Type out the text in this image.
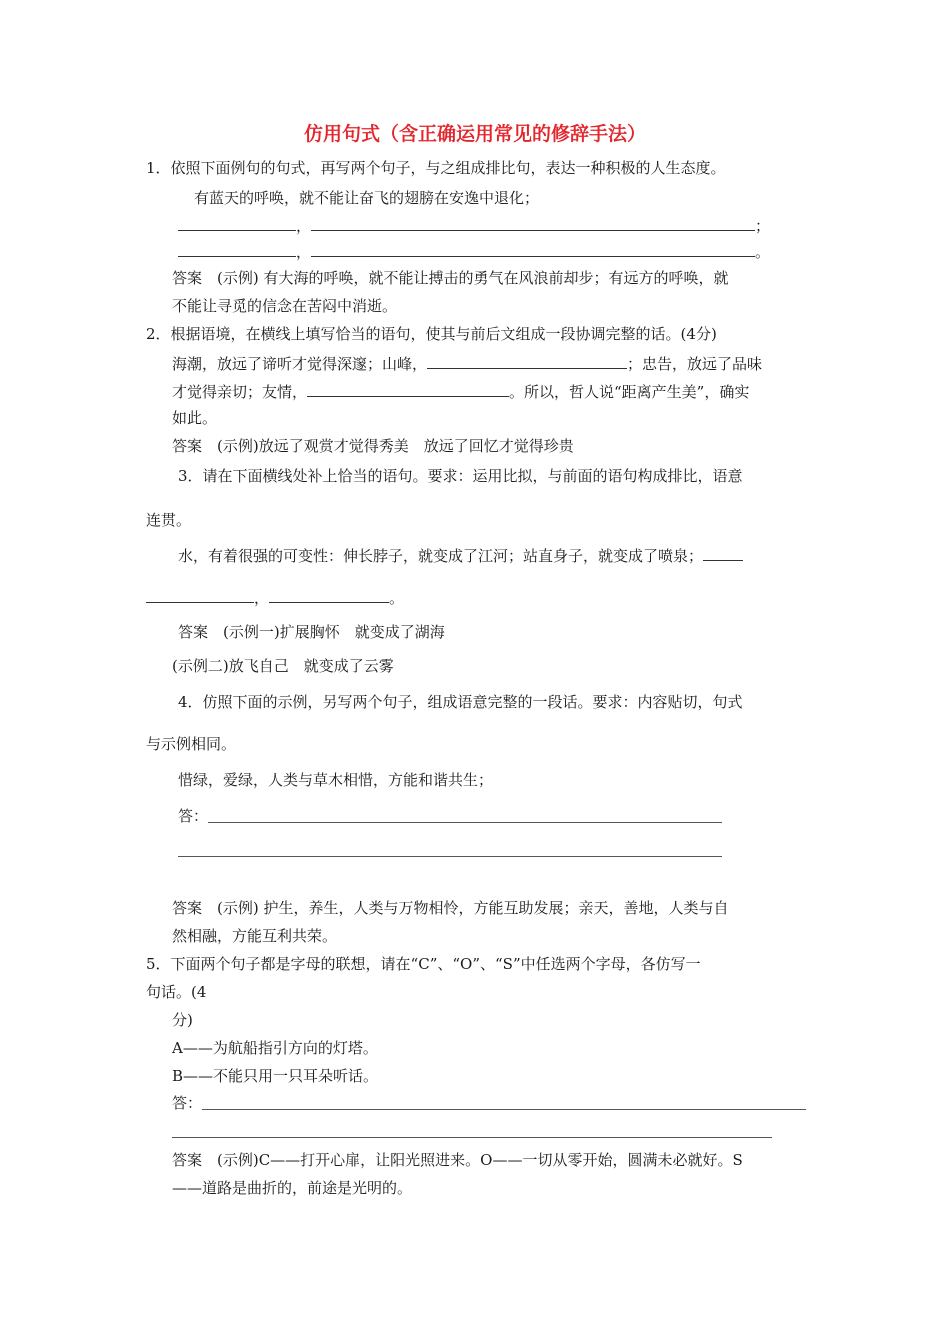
仿用句式（含正确运用常见的修辞手法）
1．依照下面例句的句式，再写两个句子，与之组成排比句，表达一种积极的人生态度。
有蓝天的呼唤，就不能让奋飞的翅膀在安逸中退化；
，	；
，	。
答案　(示例) 有大海的呼唤，就不能让搏击的勇气在风浪前却步；有远方的呼唤，就
不能让寻觅的信念在苦闷中消逝。
2．根据语境，在横线上填写恰当的语句，使其与前后文组成一段协调完整的话。(4分)
海潮，放远了谛听才觉得深邃；山峰，	；忠告，放远了品味
才觉得亲切；友情，	。所以，哲人说“距离产生美”，确实
如此。
答案　(示例)放远了观赏才觉得秀美　放远了回忆才觉得珍贵
3．请在下面横线处补上恰当的语句。要求：运用比拟，与前面的语句构成排比，语意
连贯。
水，有着很强的可变性：伸长脖子，就变成了江河；站直身子，就变成了喷泉；
，	。
答案　(示例一)扩展胸怀　就变成了湖海
(示例二)放飞自己　就变成了云雾
4．仿照下面的示例，另写两个句子，组成语意完整的一段话。要求：内容贴切，句式
与示例相同。
惜绿，爱绿，人类与草木相惜，方能和谐共生；
答：
答案　(示例) 护生，养生，人类与万物相怜，方能互助发展；亲天，善地，人类与自
然相融，方能互利共荣。
5．下面两个句子都是字母的联想，请在“C”、“O”、“S”中任选两个字母，各仿写一
句话。(4
分)
A——为航船指引方向的灯塔。
B——不能只用一只耳朵听话。
答：
答案　(示例)C——打开心扉，让阳光照进来。O——一切从零开始，圆满未必就好。S
——道路是曲折的，前途是光明的。
